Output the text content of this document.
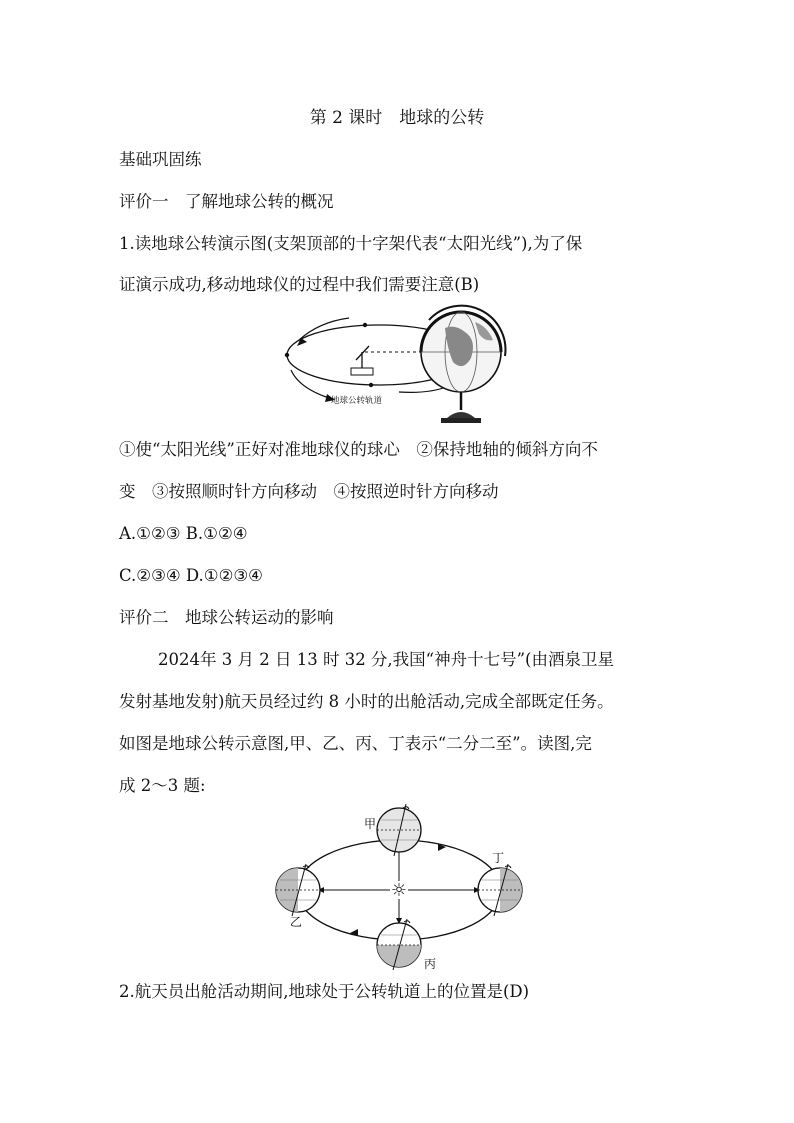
第 2 课时　地球的公转
基础巩固练
评价一　了解地球公转的概况
1.读地球公转演示图(支架顶部的十字架代表“太阳光线”),为了保
证演示成功,移动地球仪的过程中我们需要注意(B)
地球公转轨道
①使“太阳光线”正好对准地球仪的球心　②保持地轴的倾斜方向不
变　③按照顺时针方向移动　④按照逆时针方向移动
A.①②③ B.①②④
C.②③④ D.①②③④
评价二　地球公转运动的影响
2024年 3 月 2 日 13 时 32 分,我国“神舟十七号”(由酒泉卫星
发射基地发射)航天员经过约 8 小时的出舱活动,完成全部既定任务。
如图是地球公转示意图,甲、乙、丙、丁表示“二分二至”。读图,完
成 2～3 题:
☼
甲
乙
丙
丁
2.航天员出舱活动期间,地球处于公转轨道上的位置是(D)
